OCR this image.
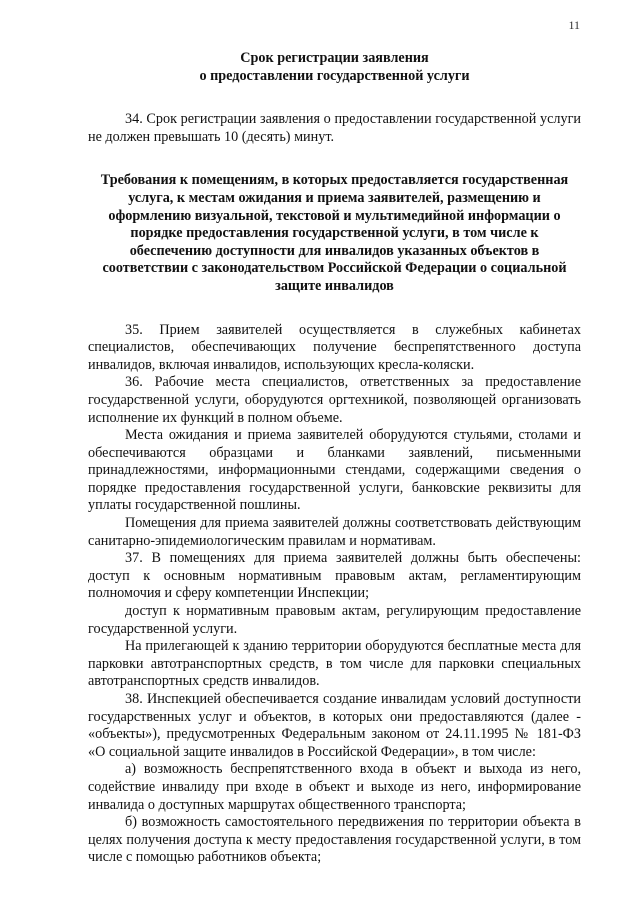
11
Срок регистрации заявления
о предоставлении государственной услуги

34. Срок регистрации заявления о предоставлении государственной услуги не должен превышать 10 (десять) минут.

Требования к помещениям, в которых предоставляется государственная услуга, к местам ожидания и приема заявителей, размещению и оформлению визуальной, текстовой и мультимедийной информации о порядке предоставления государственной услуги, в том числе к обеспечению доступности для инвалидов указанных объектов в соответствии с законодательством Российской Федерации о социальной защите инвалидов

35. Прием заявителей осуществляется в служебных кабинетах специалистов, обеспечивающих получение беспрепятственного доступа инвалидов, включая инвалидов, использующих кресла-коляски.

36. Рабочие места специалистов, ответственных за предоставление государственной услуги, оборудуются оргтехникой, позволяющей организовать исполнение их функций в полном объеме.

Места ожидания и приема заявителей оборудуются стульями, столами и обеспечиваются образцами и бланками заявлений, письменными принадлежностями, информационными стендами, содержащими сведения о порядке предоставления государственной услуги, банковские реквизиты для уплаты государственной пошлины.

Помещения для приема заявителей должны соответствовать действующим санитарно-эпидемиологическим правилам и нормативам.

37. В помещениях для приема заявителей должны быть обеспечены: доступ к основным нормативным правовым актам, регламентирующим полномочия и сферу компетенции Инспекции;

доступ к нормативным правовым актам, регулирующим предоставление государственной услуги.

На прилегающей к зданию территории оборудуются бесплатные места для парковки автотранспортных средств, в том числе для парковки специальных автотранспортных средств инвалидов.

38. Инспекцией обеспечивается создание инвалидам условий доступности государственных услуг и объектов, в которых они предоставляются (далее - «объекты»), предусмотренных Федеральным законом от 24.11.1995 № 181-ФЗ «О социальной защите инвалидов в Российской Федерации», в том числе:

а) возможность беспрепятственного входа в объект и выхода из него, содействие инвалиду при входе в объект и выходе из него, информирование инвалида о доступных маршрутах общественного транспорта;

б) возможность самостоятельного передвижения по территории объекта в целях получения доступа к месту предоставления государственной услуги, в том числе с помощью работников объекта;
